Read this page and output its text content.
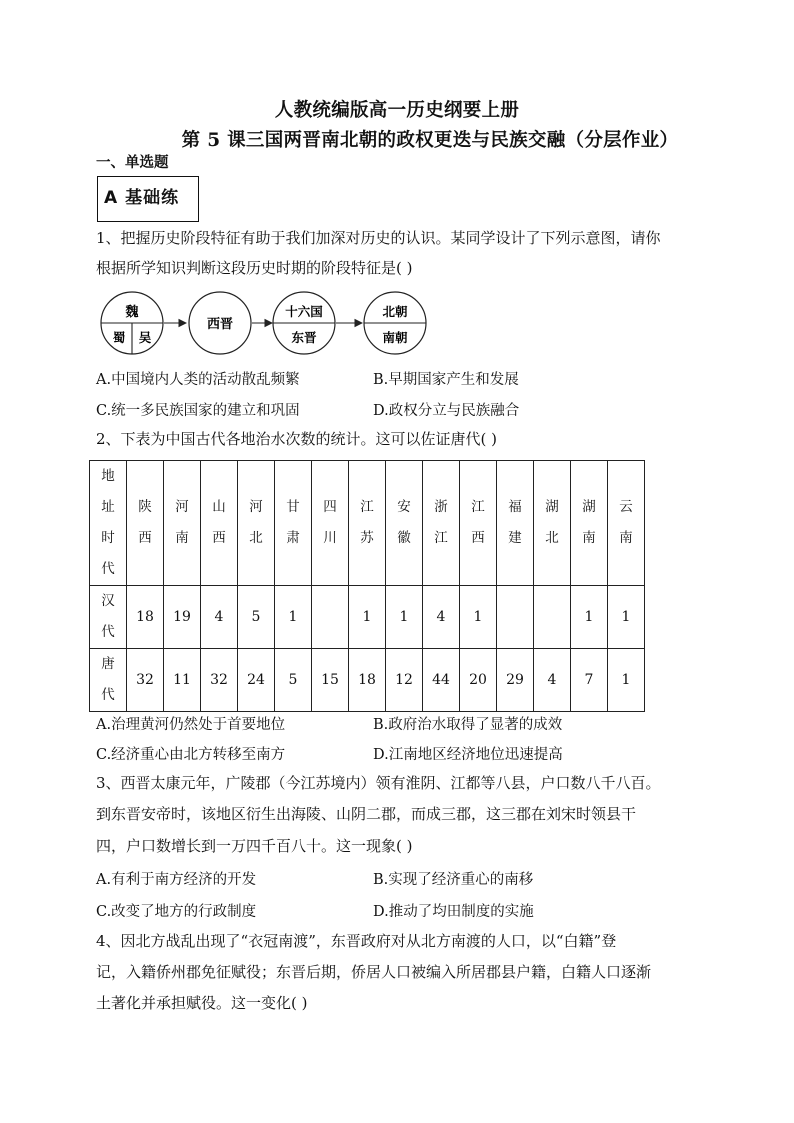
人教统编版高一历史纲要上册
第 5 课三国两晋南北朝的政权更迭与民族交融（分层作业）
一、单选题
A 基础练
1、把握历史阶段特征有助于我们加深对历史的认识。某同学设计了下列示意图，请你
根据所学知识判断这段历史时期的阶段特征是( )
魏
蜀 吴
西晋
十六国
东晋
北朝
南朝
A.中国境内人类的活动散乱频繁	B.早期国家产生和发展
C.统一多民族国家的建立和巩固	D.政权分立与民族融合
2、下表为中国古代各地治水次数的统计。这可以佐证唐代( )
地址时代	陕西	河南	山西	河北	甘肃	四川	江苏	安徽	浙江	江西	福建	湖北	湖南	云南
汉代	18	19	4	5	1		1	1	4	1			1	1
唐代	32	11	32	24	5	15	18	12	44	20	29	4	7	1
A.治理黄河仍然处于首要地位	B.政府治水取得了显著的成效
C.经济重心由北方转移至南方	D.江南地区经济地位迅速提高
3、西晋太康元年，广陵郡（今江苏境内）领有淮阴、江都等八县，户口数八千八百。
到东晋安帝时，该地区衍生出海陵、山阴二郡，而成三郡，这三郡在刘宋时领县干
四，户口数增长到一万四千百八十。这一现象( )
A.有利于南方经济的开发	B.实现了经济重心的南移
C.改变了地方的行政制度	D.推动了均田制度的实施
4、因北方战乱出现了“衣冠南渡”，东晋政府对从北方南渡的人口，以“白籍”登
记，入籍侨州郡免征赋役；东晋后期，侨居人口被编入所居郡县户籍，白籍人口逐渐
土著化并承担赋役。这一变化( )
